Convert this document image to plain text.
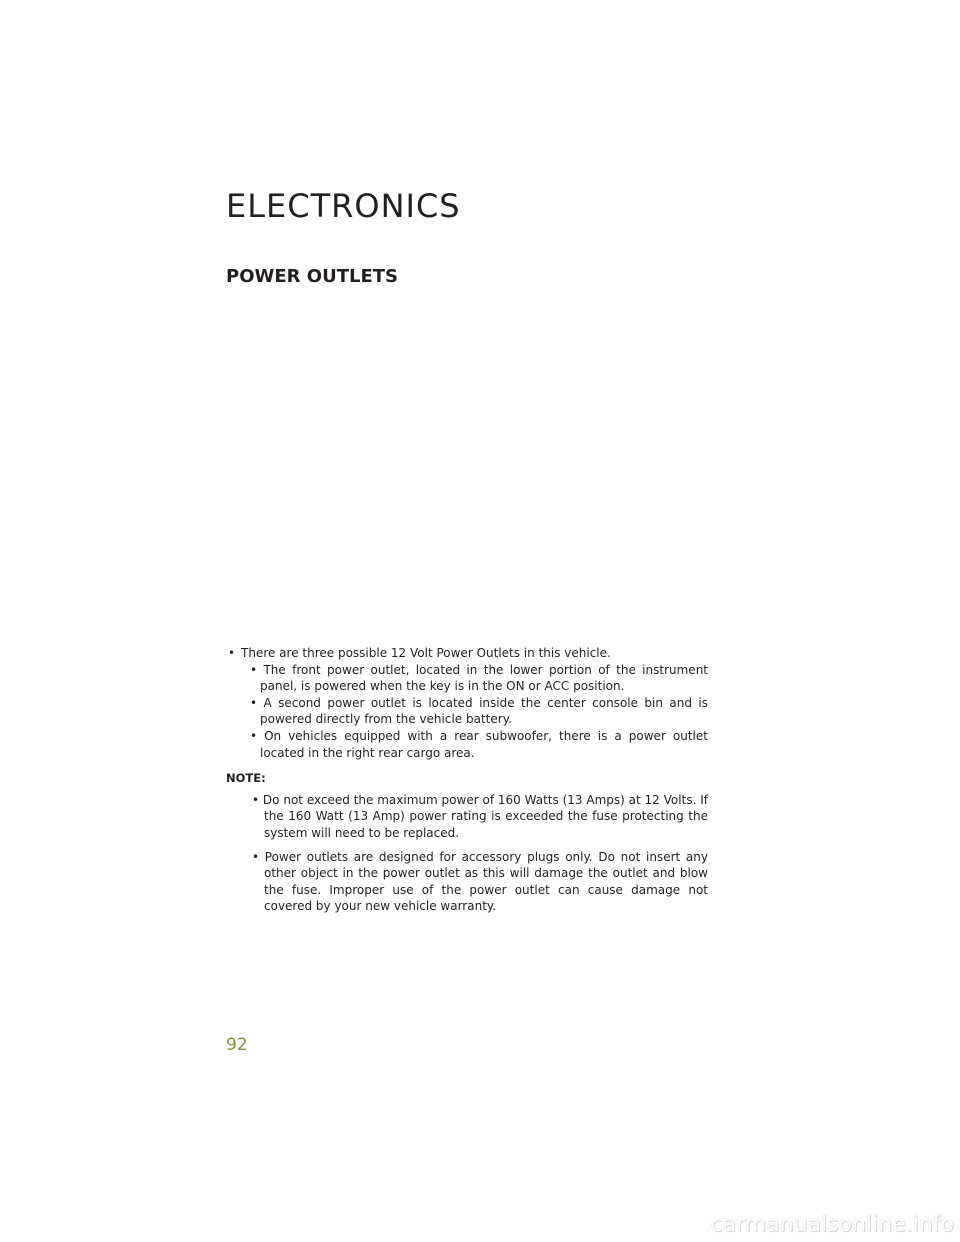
ELECTRONICS
POWER OUTLETS
• There are three possible 12 Volt Power Outlets in this vehicle.
• The front power outlet, located in the lower portion of the instrument panel, is powered when the key is in the ON or ACC position.
• A second power outlet is located inside the center console bin and is powered directly from the vehicle battery.
• On vehicles equipped with a rear subwoofer, there is a power outlet located in the right rear cargo area.
NOTE:
• Do not exceed the maximum power of 160 Watts (13 Amps) at 12 Volts. If the 160 Watt (13 Amp) power rating is exceeded the fuse protecting the system will need to be replaced.
• Power outlets are designed for accessory plugs only. Do not insert any other object in the power outlet as this will damage the outlet and blow the fuse. Improper use of the power outlet can cause damage not covered by your new vehicle warranty.
92
carmanualsonline.info
